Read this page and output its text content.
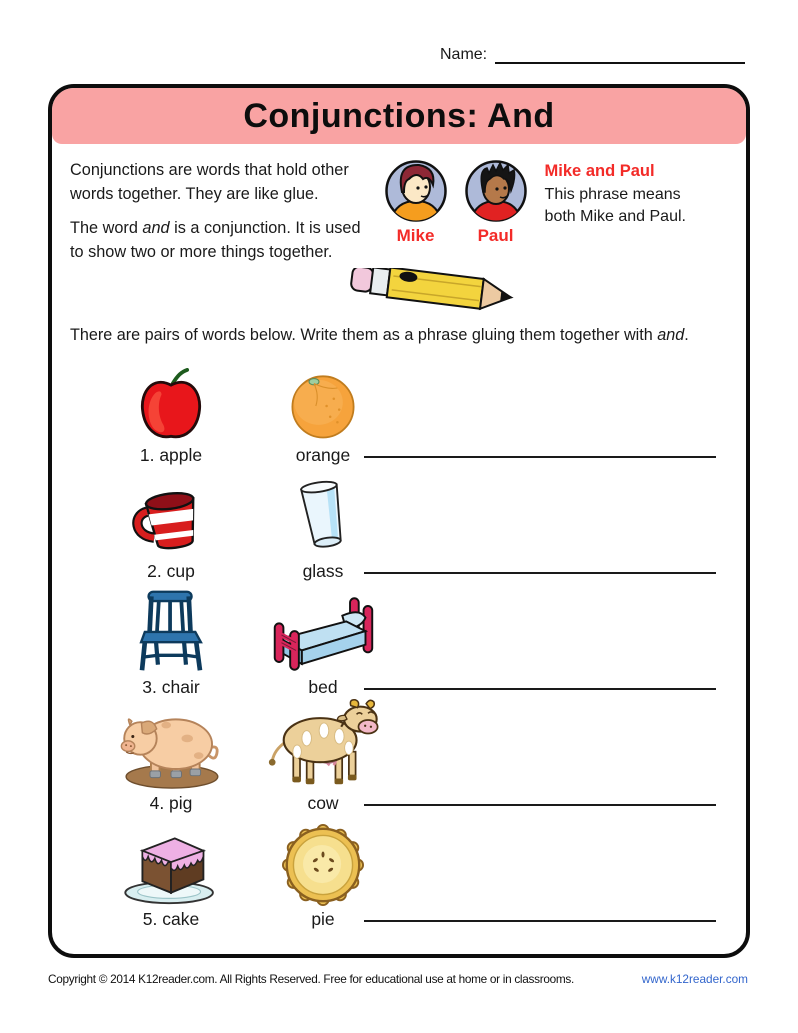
Name:
Conjunctions: And

Conjunctions are words that hold other words together. They are like glue.

The word and is a conjunction. It is used to show two or more things together.

Mike	Paul
Mike and Paul
This phrase means
both Mike and Paul.
There are pairs of words below. Write them as a phrase gluing them together with and.
1. apple	orange
2. cup	glass
3. chair	bed
4. pig	cow
5. cake	pie
Copyright © 2014 K12reader.com. All Rights Reserved. Free for educational use at home or in classrooms.	www.k12reader.com
